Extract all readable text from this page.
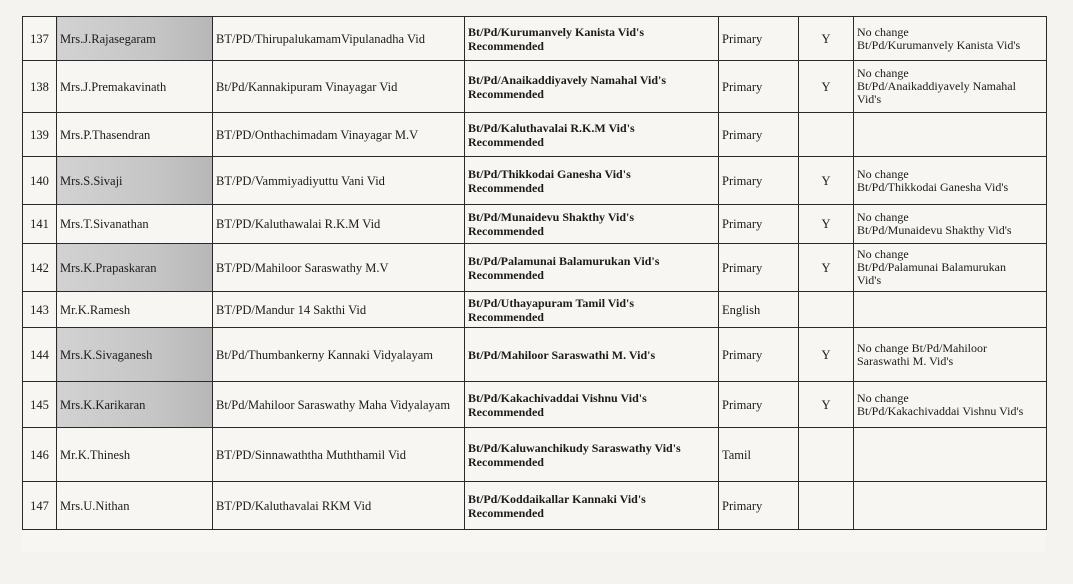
137	Mrs.J.Rajasegaram	BT/PD/ThirupalukamamVipulanadha Vid	Bt/Pd/Kurumanvely Kanista Vid's
Recommended	Primary	Y	No change
Bt/Pd/Kurumanvely Kanista Vid's

138	Mrs.J.Premakavinath	Bt/Pd/Kannakipuram Vinayagar Vid	Bt/Pd/Anaikaddiyavely Namahal Vid's
Recommended	Primary	Y	No change
Bt/Pd/Anaikaddiyavely Namahal
Vid's

139	Mrs.P.Thasendran	BT/PD/Onthachimadam Vinayagar M.V	Bt/Pd/Kaluthavalai R.K.M Vid's
Recommended	Primary		
140	Mrs.S.Sivaji	BT/PD/Vammiyadiyuttu Vani Vid	Bt/Pd/Thikkodai Ganesha Vid's
Recommended	Primary	Y	No change
Bt/Pd/Thikkodai Ganesha Vid's

141	Mrs.T.Sivanathan	BT/PD/Kaluthawalai R.K.M Vid	Bt/Pd/Munaidevu Shakthy Vid's
Recommended	Primary	Y	No change
Bt/Pd/Munaidevu Shakthy Vid's

142	Mrs.K.Prapaskaran	BT/PD/Mahiloor Saraswathy M.V	Bt/Pd/Palamunai Balamurukan Vid's
Recommended	Primary	Y	No change
Bt/Pd/Palamunai Balamurukan
Vid's

143	Mr.K.Ramesh	BT/PD/Mandur 14 Sakthi Vid	Bt/Pd/Uthayapuram Tamil Vid's
Recommended	English		
144	Mrs.K.Sivaganesh	Bt/Pd/Thumbankerny Kannaki Vidyalayam	Bt/Pd/Mahiloor Saraswathi M. Vid's	Primary	Y	No change Bt/Pd/Mahiloor
Saraswathi M. Vid's

145	Mrs.K.Karikaran	Bt/Pd/Mahiloor Saraswathy Maha Vidyalayam	Bt/Pd/Kakachivaddai Vishnu Vid's
Recommended	Primary	Y	No change
Bt/Pd/Kakachivaddai Vishnu Vid's

146	Mr.K.Thinesh	BT/PD/Sinnawaththa Muththamil Vid	Bt/Pd/Kaluwanchikudy Saraswathy Vid's
Recommended	Tamil		
147	Mrs.U.Nithan	BT/PD/Kaluthavalai RKM Vid	Bt/Pd/Koddaikallar Kannaki Vid's
Recommended	Primary		
